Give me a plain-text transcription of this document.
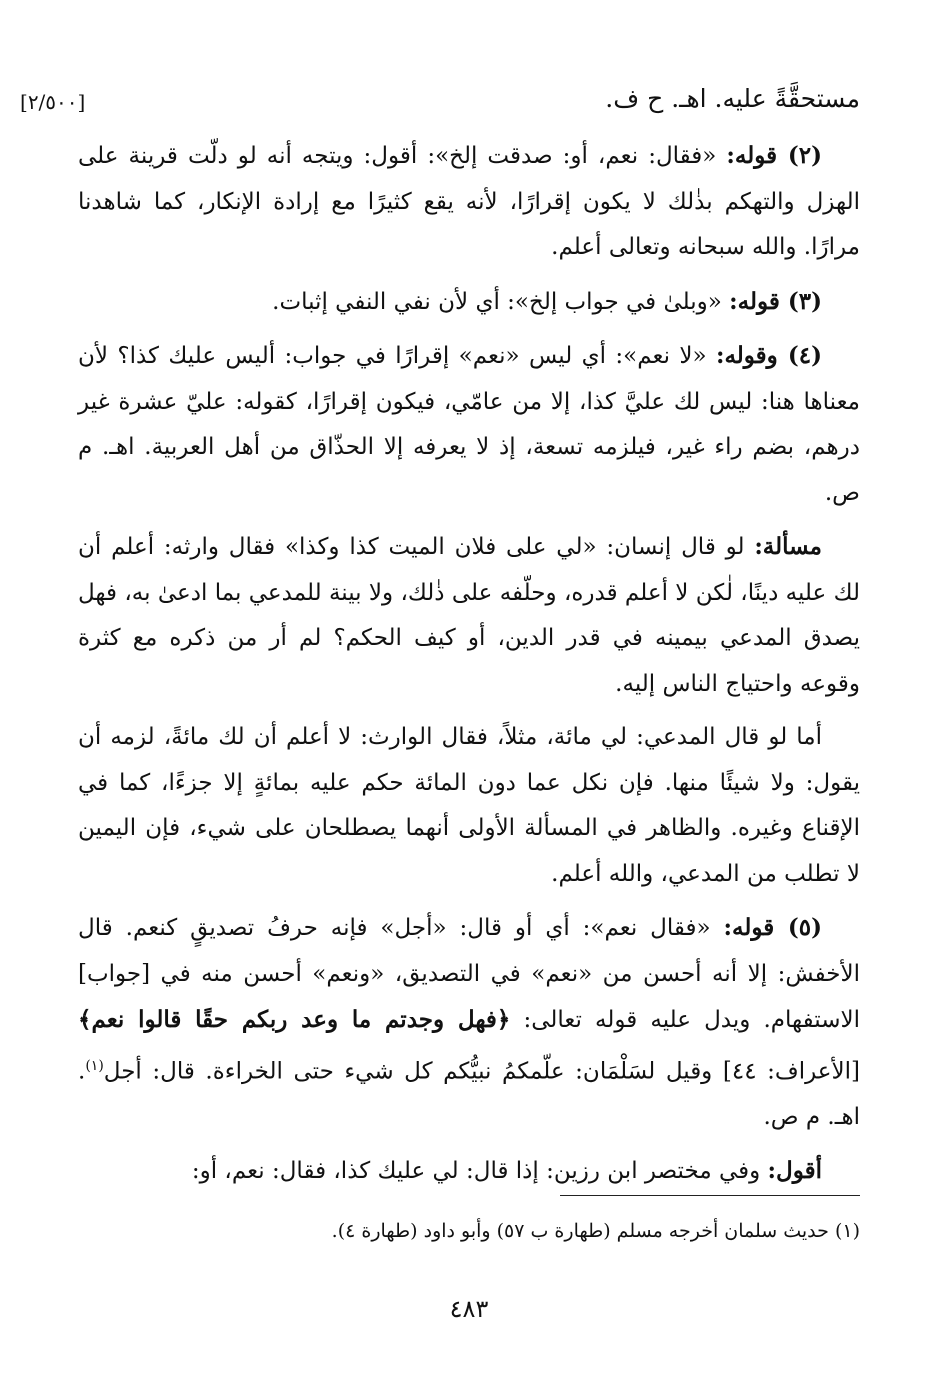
[٢/٥٠٠]	مستحقَّةً عليه. اهـ. ح ف.

(٢) قوله: «فقال: نعم، أو: صدقت إلخ»: أقول: ويتجه أنه لو دلّت قرينة على الهزل والتهكم بذٰلك لا يكون إقرارًا، لأنه يقع كثيرًا مع إرادة الإنكار، كما شاهدنا مرارًا. والله سبحانه وتعالى أعلم.

(٣) قوله: «وبلىٰ في جواب إلخ»: أي لأن نفي النفي إثبات.

(٤) وقوله: «لا نعم»: أي ليس «نعم» إقرارًا في جواب: أليس عليك كذا؟ لأن معناها هنا: ليس لك عليَّ كذا، إلا من عامّي، فيكون إقرارًا، كقوله: عليّ عشرة غير درهم، بضم راء غير، فيلزمه تسعة، إذ لا يعرفه إلا الحذّاق من أهل العربية. اهـ. م ص.

مسألة: لو قال إنسان: «لي على فلان الميت كذا وكذا» فقال وارثه: أعلم أن لك عليه دينًا، لٰكن لا أعلم قدره، وحلّفه على ذٰلك، ولا بينة للمدعي بما ادعىٰ به، فهل يصدق المدعي بيمينه في قدر الدين، أو كيف الحكم؟ لم أر من ذكره مع كثرة وقوعه واحتياج الناس إليه.

أما لو قال المدعي: لي مائة، مثلاً، فقال الوارث: لا أعلم أن لك مائةً، لزمه أن يقول: ولا شيئًا منها. فإن نكل عما دون المائة حكم عليه بمائةٍ إلا جزءًا، كما في الإقناع وغيره. والظاهر في المسألة الأولى أنهما يصطلحان على شيء، فإن اليمين لا تطلب من المدعي، والله أعلم.

(٥) قوله: «فقال نعم»: أي أو قال: «أجل» فإنه حرفُ تصديقٍ كنعم. قال الأخفش: إلا أنه أحسن من «نعم» في التصديق، «ونعم» أحسن منه في [جواب] الاستفهام. ويدل عليه قوله تعالى: ﴿فهل وجدتم ما وعد ربكم حقًا قالوا نعم﴾ [الأعراف: ٤٤] وقيل لسَلْمَان: علّمكمُ نبيُّكم كل شيء حتى الخراءة. قال: أجل$^{(١)}$. اهـ. م ص.

أقول: وفي مختصر ابن رزين: إذا قال: لي عليك كذا، فقال: نعم، أو:

(١) حديث سلمان أخرجه مسلم (طهارة ب ٥٧) وأبو داود (طهارة ٤).
٤٨٣
